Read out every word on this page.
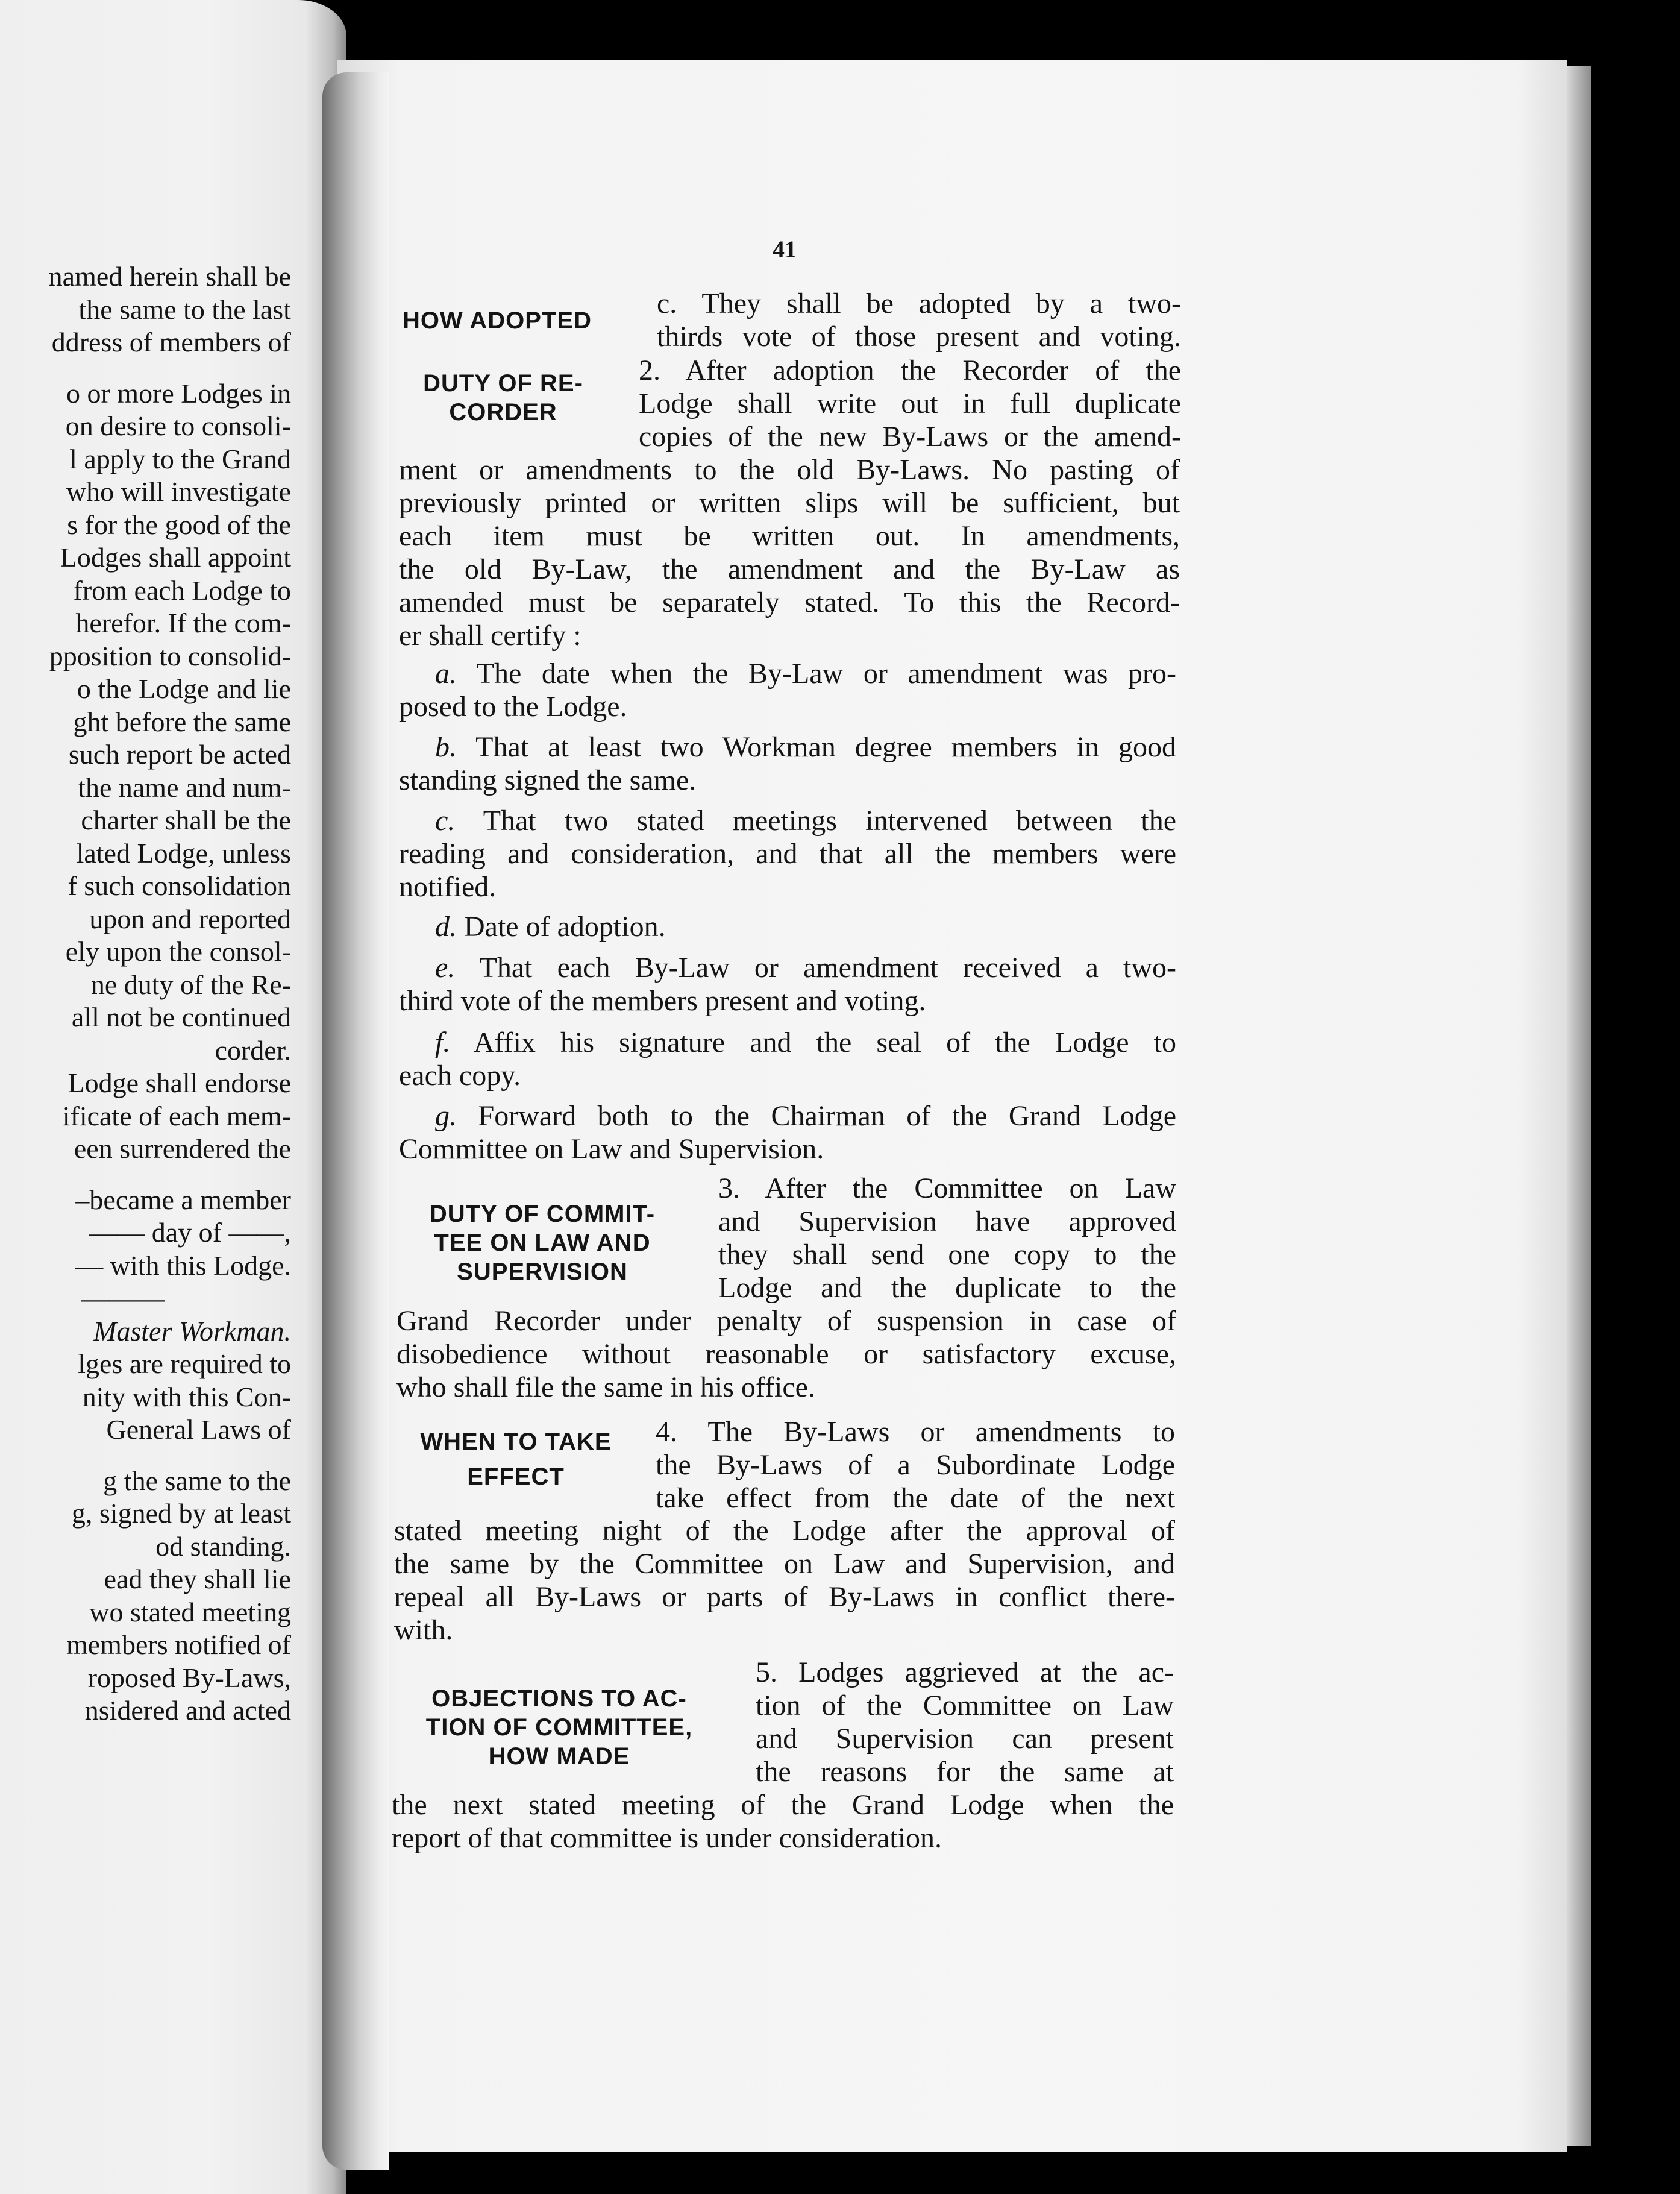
named herein shall be
the same to the last
ddress of members of
o or more Lodges in
on desire to consoli-
l apply to the Grand
who will investigate
s for the good of the
Lodges shall appoint
from each Lodge to
herefor. If the com-
pposition to consolid-
o the Lodge and lie
ght before the same
such report be acted
the name and num-
charter shall be the
lated Lodge, unless
f such consolidation
upon and reported
ely upon the consol-
ne duty of the Re-
all not be continued
corder.
Lodge shall endorse
ificate of each mem-
een surrendered the
–became a member
—— day of ——,
— with this Lodge.
———
Master Workman.
lges are required to
nity with this Con-
General Laws of
g the same to the
g, signed by at least
od standing.
ead they shall lie
wo stated meeting
members notified of
roposed By-Laws,
nsidered and acted
41
HOW ADOPTED
c. They shall be adopted by a two-
thirds vote of those present and voting.
DUTY OF RE-
CORDER
2. After adoption the Recorder of the
Lodge shall write out in full duplicate
copies of the new By-Laws or the amend-
ment or amendments to the old By-Laws. No pasting of
previously printed or written slips will be sufficient, but
each item must be written out. In amendments,
the old By-Law, the amendment and the By-Law as
amended must be separately stated. To this the Record-
er shall certify :
a. The date when the By-Law or amendment was pro-
posed to the Lodge.
b. That at least two Workman degree members in good
standing signed the same.
c. That two stated meetings intervened between the
reading and consideration, and that all the members were
notified.
d. Date of adoption.
e. That each By-Law or amendment received a two-
third vote of the members present and voting.
f. Affix his signature and the seal of the Lodge to
each copy.
g. Forward both to the Chairman of the Grand Lodge
Committee on Law and Supervision.
DUTY OF COMMIT-
TEE ON LAW AND
SUPERVISION
3. After the Committee on Law
and Supervision have approved
they shall send one copy to the
Lodge and the duplicate to the
Grand Recorder under penalty of suspension in case of
disobedience without reasonable or satisfactory excuse,
who shall file the same in his office.
WHEN TO TAKE
EFFECT
4. The By-Laws or amendments to
the By-Laws of a Subordinate Lodge
take effect from the date of the next
stated meeting night of the Lodge after the approval of
the same by the Committee on Law and Supervision, and
repeal all By-Laws or parts of By-Laws in conflict there-
with.
OBJECTIONS TO AC-
TION OF COMMITTEE,
HOW MADE
5. Lodges aggrieved at the ac-
tion of the Committee on Law
and Supervision can present
the reasons for the same at
the next stated meeting of the Grand Lodge when the
report of that committee is under consideration.
